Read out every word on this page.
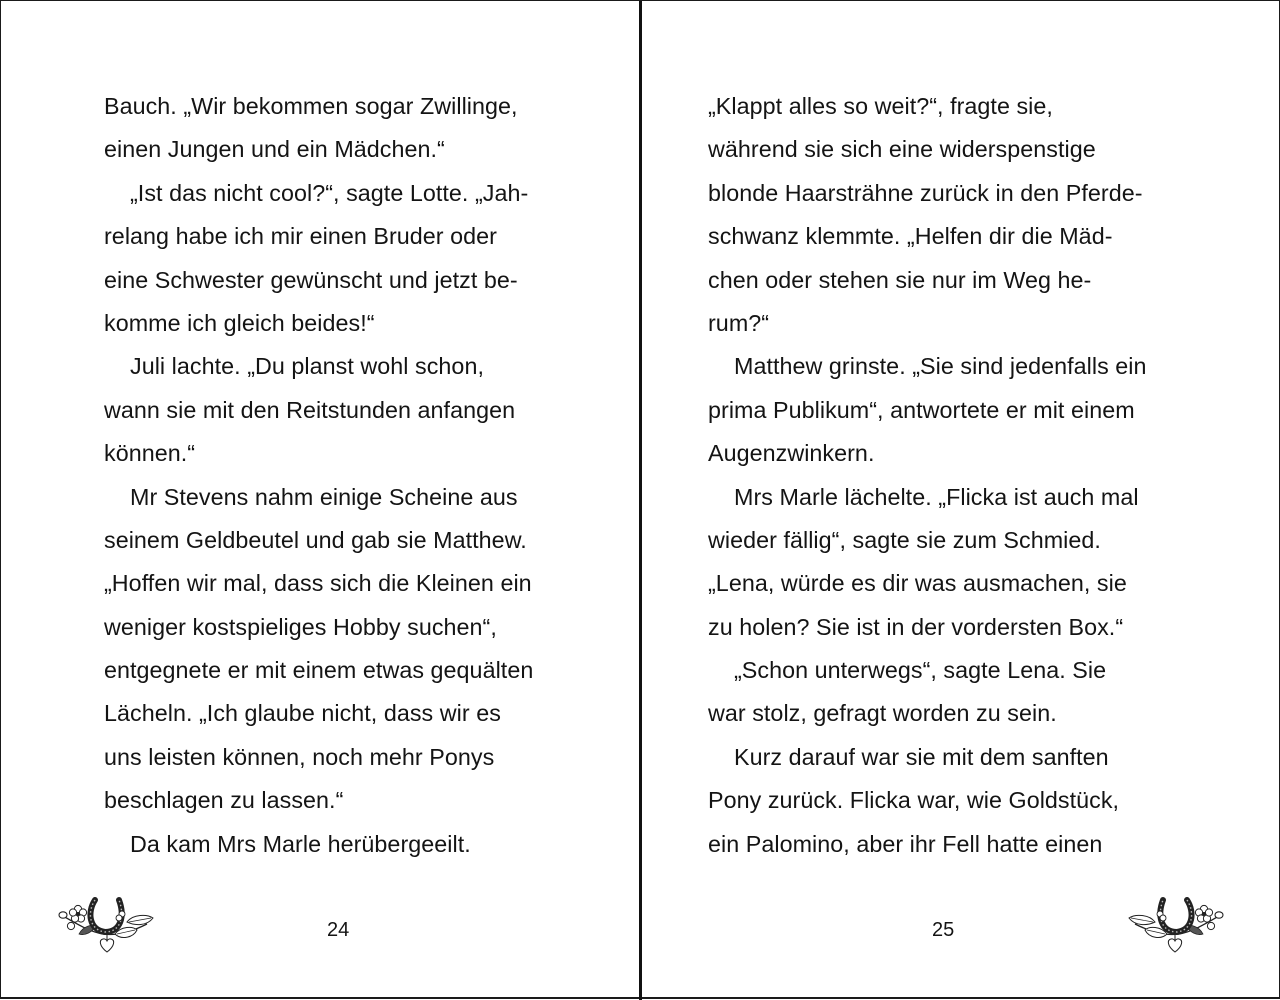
Bauch. „Wir bekommen sogar Zwillinge,
einen Jungen und ein Mädchen.“
„Ist das nicht cool?“, sagte Lotte. „Jah-
relang habe ich mir einen Bruder oder
eine Schwester gewünscht und jetzt be-
komme ich gleich beides!“
Juli lachte. „Du planst wohl schon,
wann sie mit den Reitstunden anfangen
können.“
Mr Stevens nahm einige Scheine aus
seinem Geldbeutel und gab sie Matthew.
„Hoffen wir mal, dass sich die Kleinen ein
weniger kostspieliges Hobby suchen“,
entgegnete er mit einem etwas gequälten
Lächeln. „Ich glaube nicht, dass wir es
uns leisten können, noch mehr Ponys
beschlagen zu lassen.“
Da kam Mrs Marle herübergeeilt.
24
„Klappt alles so weit?“, fragte sie,
während sie sich eine widerspenstige
blonde Haarsträhne zurück in den Pferde-
schwanz klemmte. „Helfen dir die Mäd-
chen oder stehen sie nur im Weg he-
rum?“
Matthew grinste. „Sie sind jedenfalls ein
prima Publikum“, antwortete er mit einem
Augenzwinkern.
Mrs Marle lächelte. „Flicka ist auch mal
wieder fällig“, sagte sie zum Schmied.
„Lena, würde es dir was ausmachen, sie
zu holen? Sie ist in der vordersten Box.“
„Schon unterwegs“, sagte Lena. Sie
war stolz, gefragt worden zu sein.
Kurz darauf war sie mit dem sanften
Pony zurück. Flicka war, wie Goldstück,
ein Palomino, aber ihr Fell hatte einen
25
